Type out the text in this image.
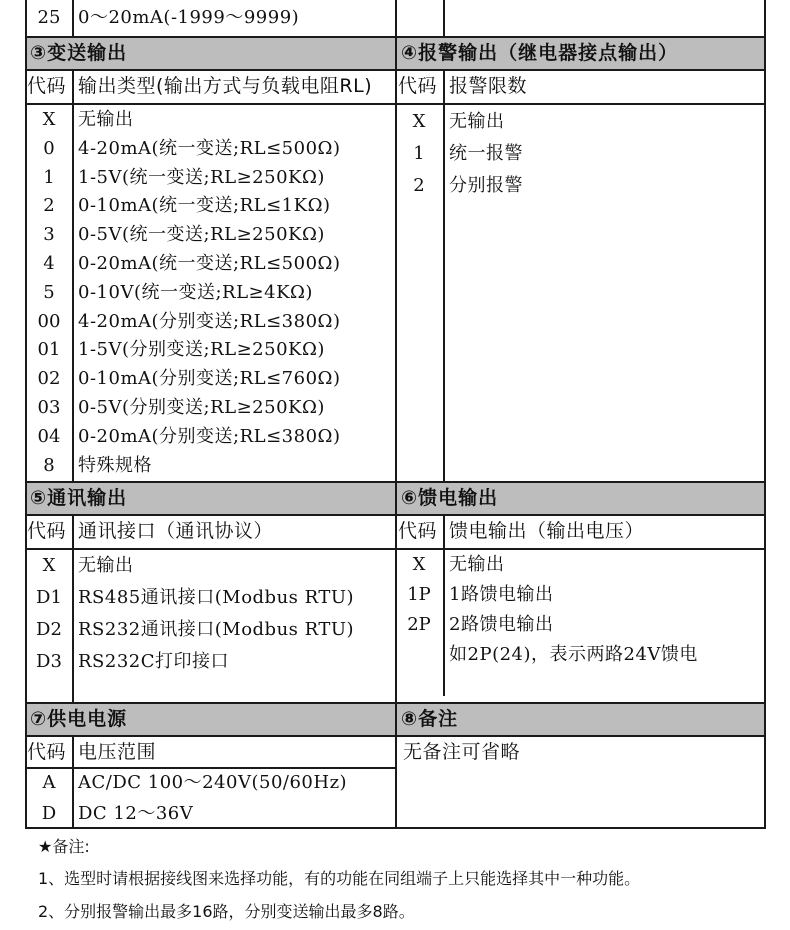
③变送输出	④报警输出（继电器接点输出）
⑤通讯输出	⑥馈电输出
⑦供电电源	⑧备注
25 0～20mA(-1999～9999)
代码 输出类型(输出方式与负载电阻RL)
X	无输出
0	4-20mA(统一变送;RL≤500Ω)
1	1-5V(统一变送;RL≥250KΩ)
2	0-10mA(统一变送;RL≤1KΩ)
3	0-5V(统一变送;RL≥250KΩ)
4	0-20mA(统一变送;RL≤500Ω)
5	0-10V(统一变送;RL≥4KΩ)
00 4-20mA(分别变送;RL≤380Ω)
01 1-5V(分别变送;RL≥250KΩ)
02 0-10mA(分别变送;RL≤760Ω)
03 0-5V(分别变送;RL≥250KΩ)
04 0-20mA(分别变送;RL≤380Ω)
8	特殊规格
代码 报警限数
X	无输出
1	统一报警
2	分别报警
代码 通讯接口（通讯协议）
X	无输出
D1 RS485通讯接口(Modbus RTU)
D2 RS232通讯接口(Modbus RTU)
D3 RS232C打印接口
代码 馈电输出（输出电压）
X	无输出
1P	1路馈电输出
2P	2路馈电输出
如2P(24)，表示两路24V馈电
代码 电压范围
A	AC/DC 100～240V(50/60Hz)
D	DC 12～36V
无备注可省略
★备注:
1、选型时请根据接线图来选择功能，有的功能在同组端子上只能选择其中一种功能。
2、分别报警输出最多16路，分别变送输出最多8路。
